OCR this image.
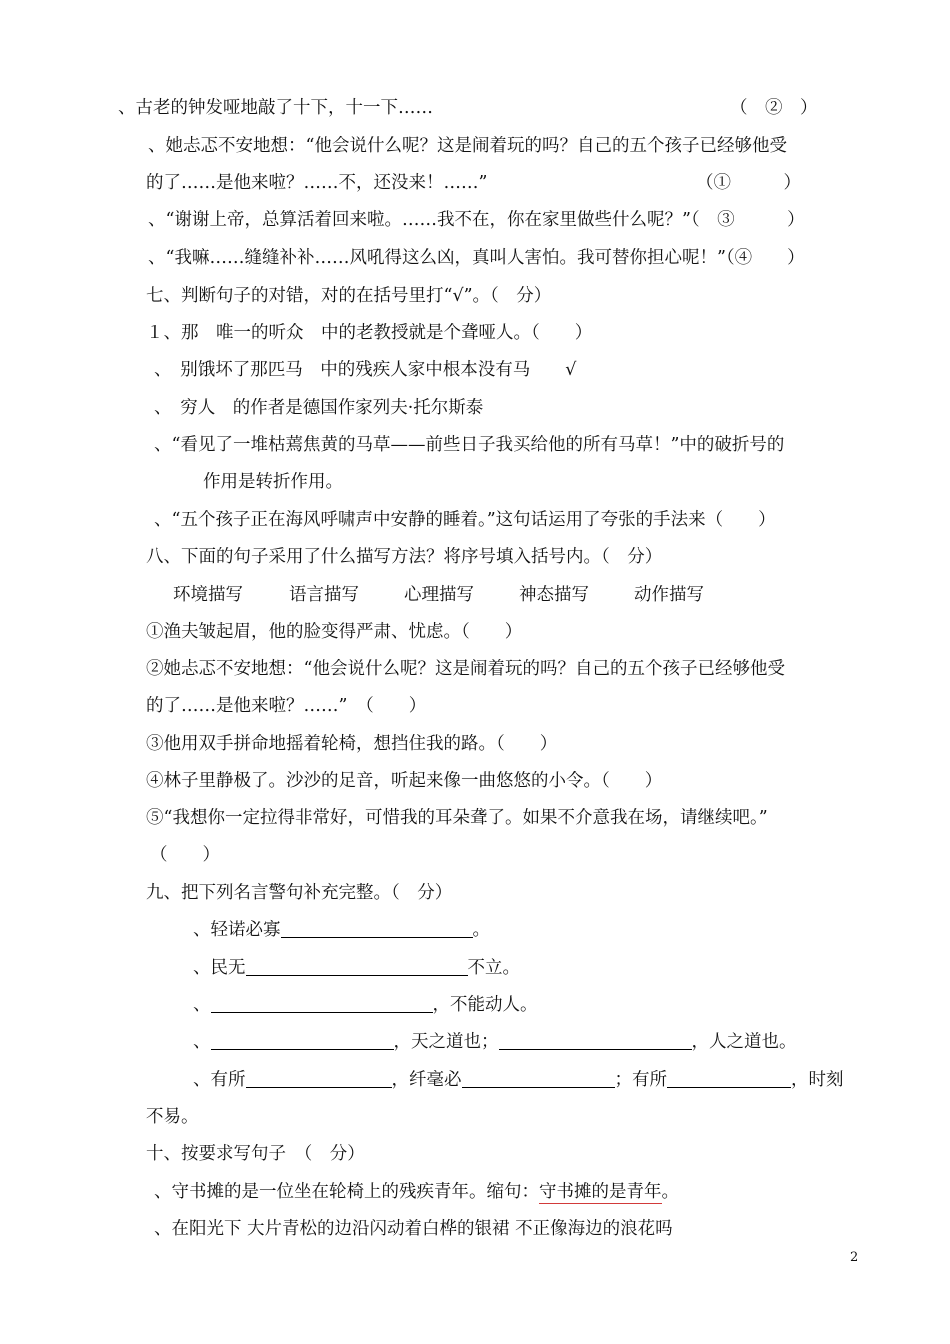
、古老的钟发哑地敲了十下，十一下……	（　②　）
、她忐忑不安地想：“他会说什么呢？这是闹着玩的吗？自己的五个孩子已经够他受
的了……是他来啦？……不，还没来！……”	（①　　　）
、“谢谢上帝，总算活着回来啦。……我不在，你在家里做些什么呢？”（　③　　　）
、“我嘛……缝缝补补……风吼得这么凶，真叫人害怕。我可替你担心呢！”（④　　）
七、判断句子的对错，对的在括号里打“√”。（　分）
１、那　唯一的听众　中的老教授就是个聋哑人。（　　）
、　别饿坏了那匹马　中的残疾人家中根本没有马　　√
、　穷人　的作者是德国作家列夫·托尔斯泰
、“看见了一堆枯蔫焦黄的马草——前些日子我买给他的所有马草！”中的破折号的
作用是转折作用。
、“五个孩子正在海风呼啸声中安静的睡着。”这句话运用了夸张的手法来（　　）
八、下面的句子采用了什么描写方法？将序号填入括号内。（　分）
环境描写	语言描写	心理描写	神态描写	动作描写
①渔夫皱起眉，他的脸变得严肃、忧虑。（　　）
②她忐忑不安地想：“他会说什么呢？这是闹着玩的吗？自己的五个孩子已经够他受
的了……是他来啦？……”　（　　）
③他用双手拼命地摇着轮椅，想挡住我的路。（　　）
④林子里静极了。沙沙的足音，听起来像一曲悠悠的小令。（　　）
⑤“我想你一定拉得非常好，可惜我的耳朵聋了。如果不介意我在场，请继续吧。”
（　　）
九、把下列名言警句补充完整。（　分）
、轻诺必寡	。
、民无	不立。
、	，不能动人。
、	，天之道也；	，人之道也。
、有所	，纤毫必	；有所	，时刻
不易。
十、按要求写句子　（　分）
、守书摊的是一位坐在轮椅上的残疾青年。缩句：守书摊的是青年。
、在阳光下 大片青松的边沿闪动着白桦的银裙 不正像海边的浪花吗
2
